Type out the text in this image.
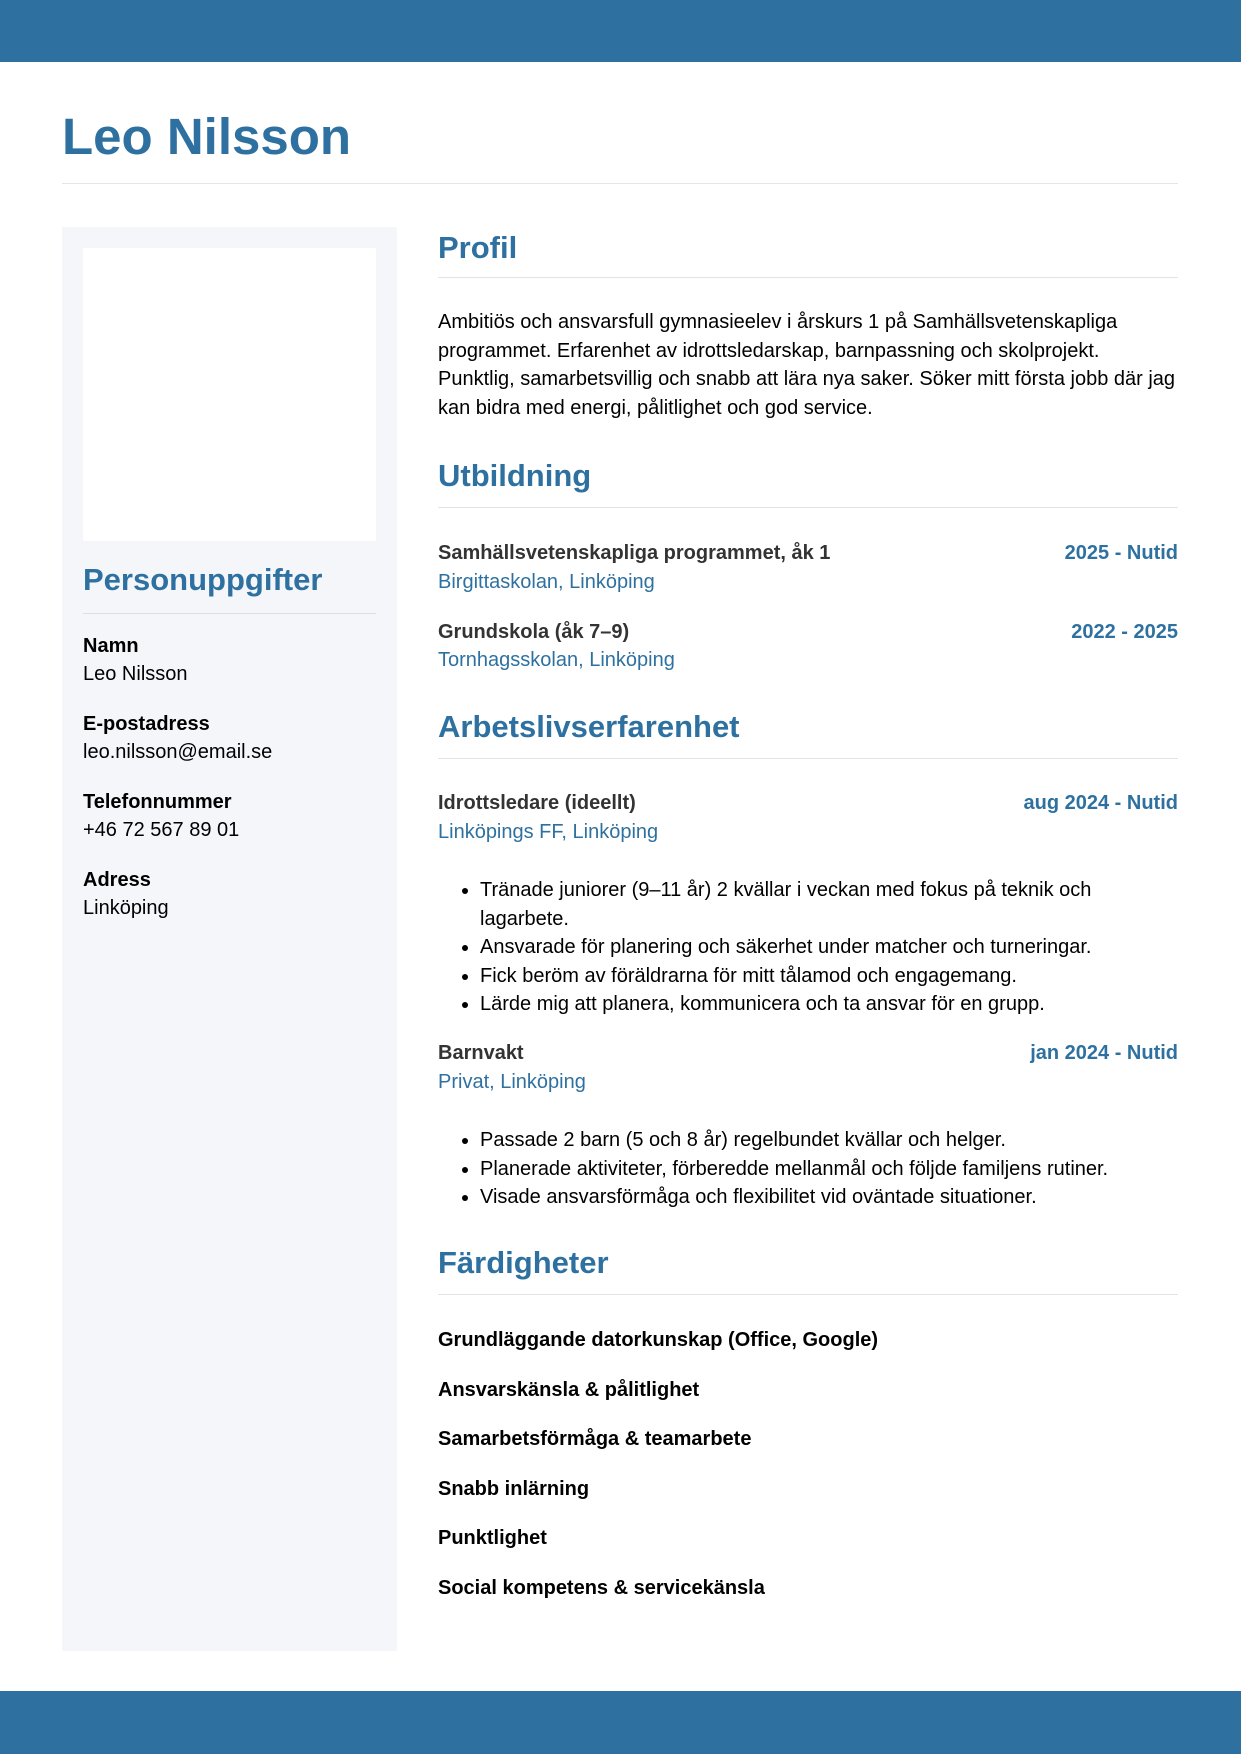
Leo Nilsson
Personuppgifter
Namn
Leo Nilsson
E-postadress
leo.nilsson@email.se
Telefonnummer
+46 72 567 89 01
Adress
Linköping
Profil

Ambitiös och ansvarsfull gymnasieelev i årskurs 1 på Samhällsvetenskapliga programmet. Erfarenhet av idrottsledarskap, barnpassning och skolprojekt. Punktlig, samarbetsvillig och snabb att lära nya saker. Söker mitt första jobb där jag kan bidra med energi, pålitlighet och god service.

Utbildning
Samhällsvetenskapliga programmet, åk 1	2025 - Nutid
Birgittaskolan, Linköping
Grundskola (åk 7–9)	2022 - 2025
Tornhagsskolan, Linköping
Arbetslivserfarenhet
Idrottsledare (ideellt)	aug 2024 - Nutid
Linköpings FF, Linköping
• Tränade juniorer (9–11 år) 2 kvällar i veckan med fokus på teknik och lagarbete.
• Ansvarade för planering och säkerhet under matcher och turneringar.
• Fick beröm av föräldrarna för mitt tålamod och engagemang.
• Lärde mig att planera, kommunicera och ta ansvar för en grupp.
Barnvakt	jan 2024 - Nutid
Privat, Linköping
• Passade 2 barn (5 och 8 år) regelbundet kvällar och helger.
• Planerade aktiviteter, förberedde mellanmål och följde familjens rutiner.
• Visade ansvarsförmåga och flexibilitet vid oväntade situationer.
Färdigheter
Grundläggande datorkunskap (Office, Google)
Ansvarskänsla & pålitlighet
Samarbetsförmåga & teamarbete
Snabb inlärning
Punktlighet
Social kompetens & servicekänsla
